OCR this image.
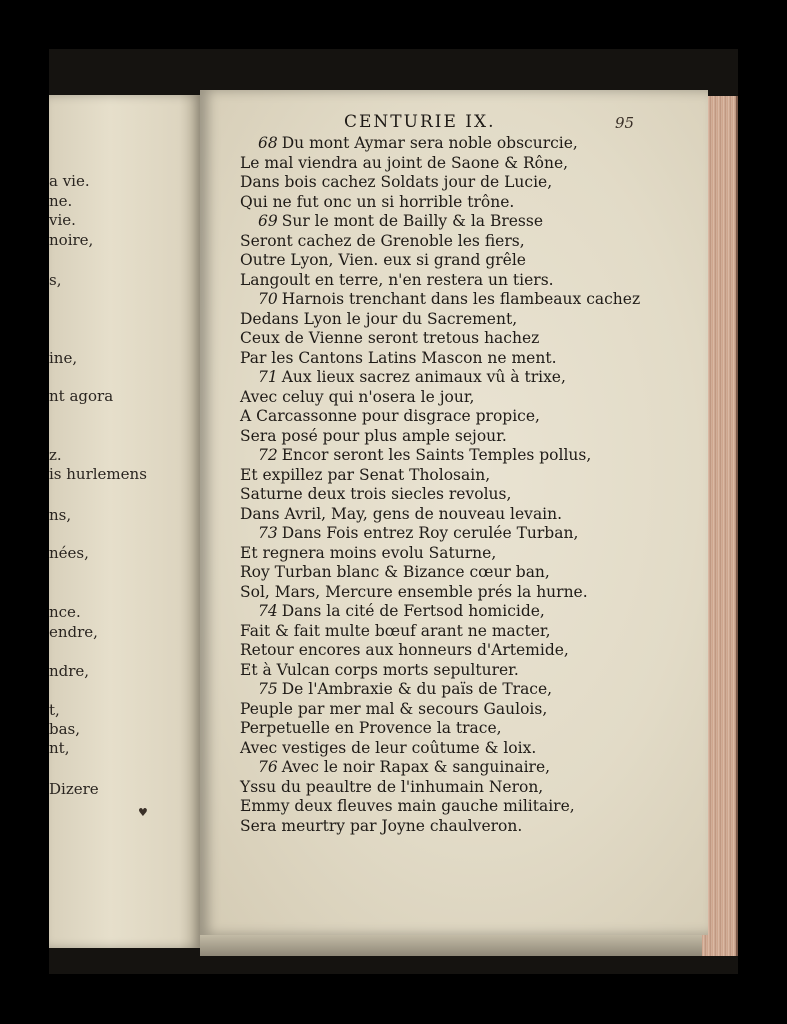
a vie.
ne.
vie.
noire,
s,
ine,
nt agora
z.
is hurlemens
ns,
nées,
nce.
endre,
ndre,
t,
bas,
nt,
Dizere
♥
CENTURIE IX.	95
68 Du mont Aymar sera noble obscurcie,
Le mal viendra au joint de Saone & Rône,
Dans bois cachez Soldats jour de Lucie,
Qui ne fut onc un si horrible trône.
69 Sur le mont de Bailly & la Bresse
Seront cachez de Grenoble les fiers,
Outre Lyon, Vien. eux si grand grêle
Langoult en terre, n'en restera un tiers.
70 Harnois trenchant dans les flambeaux cachez
Dedans Lyon le jour du Sacrement,
Ceux de Vienne seront tretous hachez
Par les Cantons Latins Mascon ne ment.
71 Aux lieux sacrez animaux vû à trixe,
Avec celuy qui n'osera le jour,
A Carcassonne pour disgrace propice,
Sera posé pour plus ample sejour.
72 Encor seront les Saints Temples pollus,
Et expillez par Senat Tholosain,
Saturne deux trois siecles revolus,
Dans Avril, May, gens de nouveau levain.
73 Dans Fois entrez Roy cerulée Turban,
Et regnera moins evolu Saturne,
Roy Turban blanc & Bizance cœur ban,
Sol, Mars, Mercure ensemble prés la hurne.
74 Dans la cité de Fertsod homicide,
Fait & fait multe bœuf arant ne macter,
Retour encores aux honneurs d'Artemide,
Et à Vulcan corps morts sepulturer.
75 De l'Ambraxie & du païs de Trace,
Peuple par mer mal & secours Gaulois,
Perpetuelle en Provence la trace,
Avec vestiges de leur coûtume & loix.
76 Avec le noir Rapax & sanguinaire,
Yssu du peaultre de l'inhumain Neron,
Emmy deux fleuves main gauche militaire,
Sera meurtry par Joyne chaulveron.
